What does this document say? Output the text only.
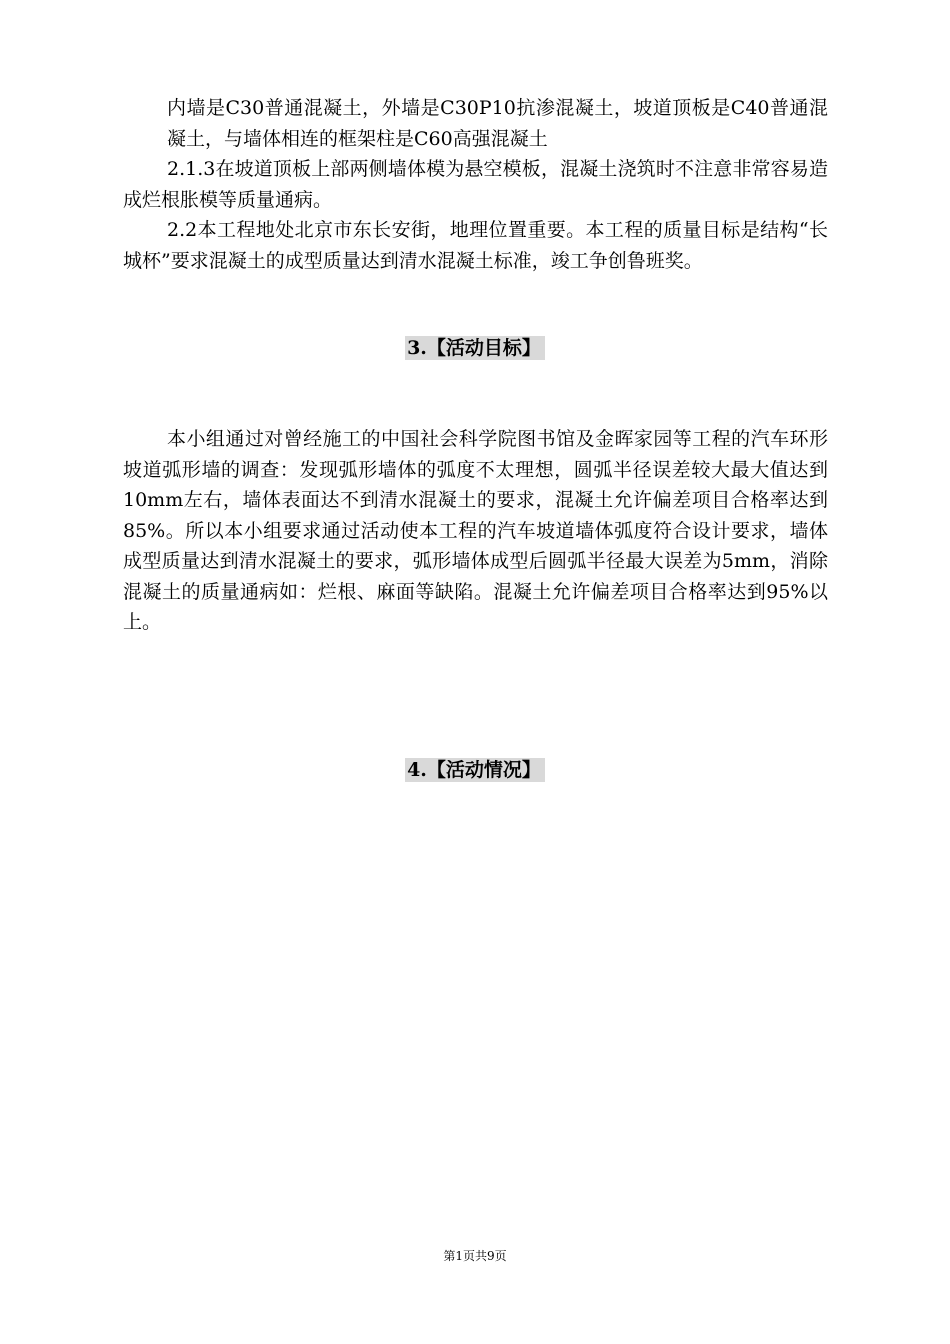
内墙是C30普通混凝土，外墙是C30P10抗渗混凝土，坡道顶板是C40普通混凝土，与墙体相连的框架柱是C60高强混凝土

2.1.3在坡道顶板上部两侧墙体模为悬空模板，混凝土浇筑时不注意非常容易造成烂根胀模等质量通病。

2.2本工程地处北京市东长安街，地理位置重要。本工程的质量目标是结构“长城杯”要求混凝土的成型质量达到清水混凝土标准，竣工争创鲁班奖。

3.【活动目标】

本小组通过对曾经施工的中国社会科学院图书馆及金晖家园等工程的汽车环形坡道弧形墙的调查：发现弧形墙体的弧度不太理想，圆弧半径误差较大最大值达到10mm左右，墙体表面达不到清水混凝土的要求，混凝土允许偏差项目合格率达到85%。所以本小组要求通过活动使本工程的汽车坡道墙体弧度符合设计要求，墙体成型质量达到清水混凝土的要求，弧形墙体成型后圆弧半径最大误差为5mm，消除混凝土的质量通病如：烂根、麻面等缺陷。混凝土允许偏差项目合格率达到95%以上。

4.【活动情况】
第1页共9页
